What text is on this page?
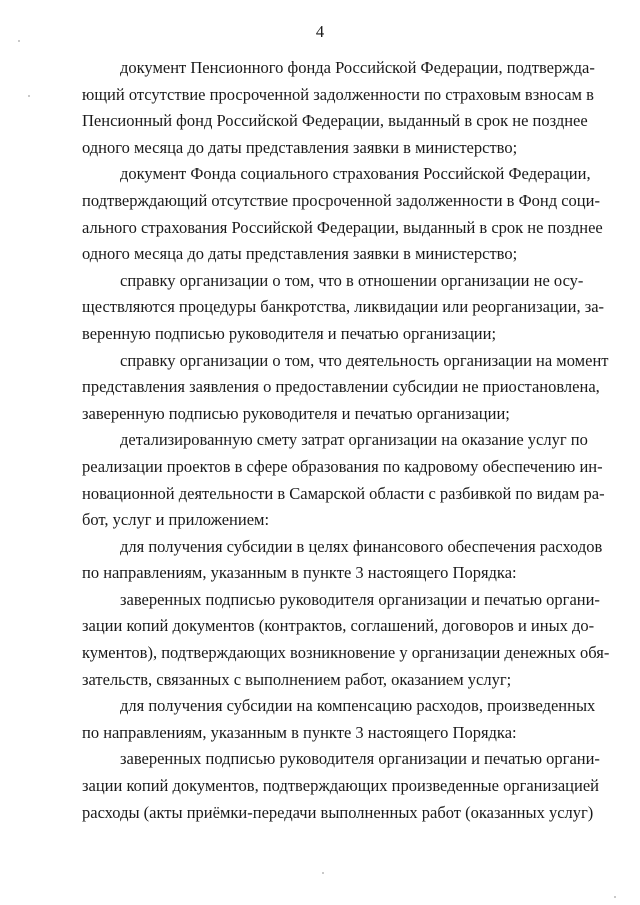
4

документ Пенсионного фонда Российской Федерации, подтвержда-
ющий отсутствие просроченной задолженности по страховым взносам в
Пенсионный фонд Российской Федерации, выданный в срок не позднее
одного месяца до даты представления заявки в министерство;

документ Фонда социального страхования Российской Федерации,
подтверждающий отсутствие просроченной задолженности в Фонд соци-
ального страхования Российской Федерации, выданный в срок не позднее
одного месяца до даты представления заявки в министерство;

справку организации о том, что в отношении организации не осу-
ществляются процедуры банкротства, ликвидации или реорганизации, за-
веренную подписью руководителя и печатью организации;

справку организации о том, что деятельность организации на момент
представления заявления о предоставлении субсидии не приостановлена,
заверенную подписью руководителя и печатью организации;

детализированную смету затрат организации на оказание услуг по
реализации проектов в сфере образования по кадровому обеспечению ин-
новационной деятельности в Самарской области с разбивкой по видам ра-
бот, услуг и приложением:

для получения субсидии в целях финансового обеспечения расходов
по направлениям, указанным в пункте 3 настоящего Порядка:

заверенных подписью руководителя организации и печатью органи-
зации копий документов (контрактов, соглашений, договоров и иных до-
кументов), подтверждающих возникновение у организации денежных обя-
зательств, связанных с выполнением работ, оказанием услуг;

для получения субсидии на компенсацию расходов, произведенных
по направлениям, указанным в пункте 3 настоящего Порядка:

заверенных подписью руководителя организации и печатью органи-
зации копий документов, подтверждающих произведенные организацией
расходы (акты приёмки-передачи выполненных работ (оказанных услуг)
